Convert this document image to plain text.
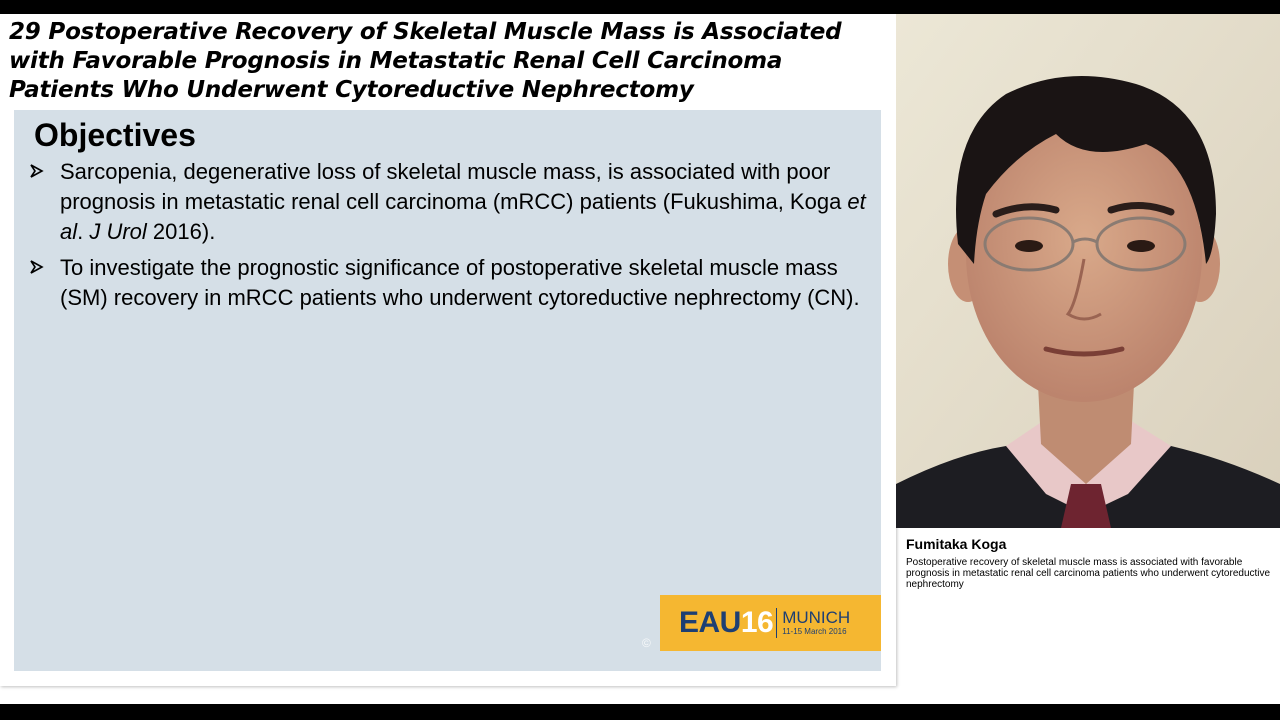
29 Postoperative Recovery of Skeletal Muscle Mass is Associated with Favorable Prognosis in Metastatic Renal Cell Carcinoma Patients Who Underwent Cytoreductive Nephrectomy
Objectives
Sarcopenia, degenerative loss of skeletal muscle mass, is associated with poor prognosis in metastatic renal cell carcinoma (mRCC) patients (Fukushima, Koga et al. J Urol 2016).
To investigate the prognostic significance of postoperative skeletal muscle mass (SM) recovery in mRCC patients who underwent cytoreductive nephrectomy (CN).
©
EAU16 MUNICH
11-15 March 2016

Fumitaka Koga

Postoperative recovery of skeletal muscle mass is associated with favorable prognosis in metastatic renal cell carcinoma patients who underwent cytoreductive nephrectomy
